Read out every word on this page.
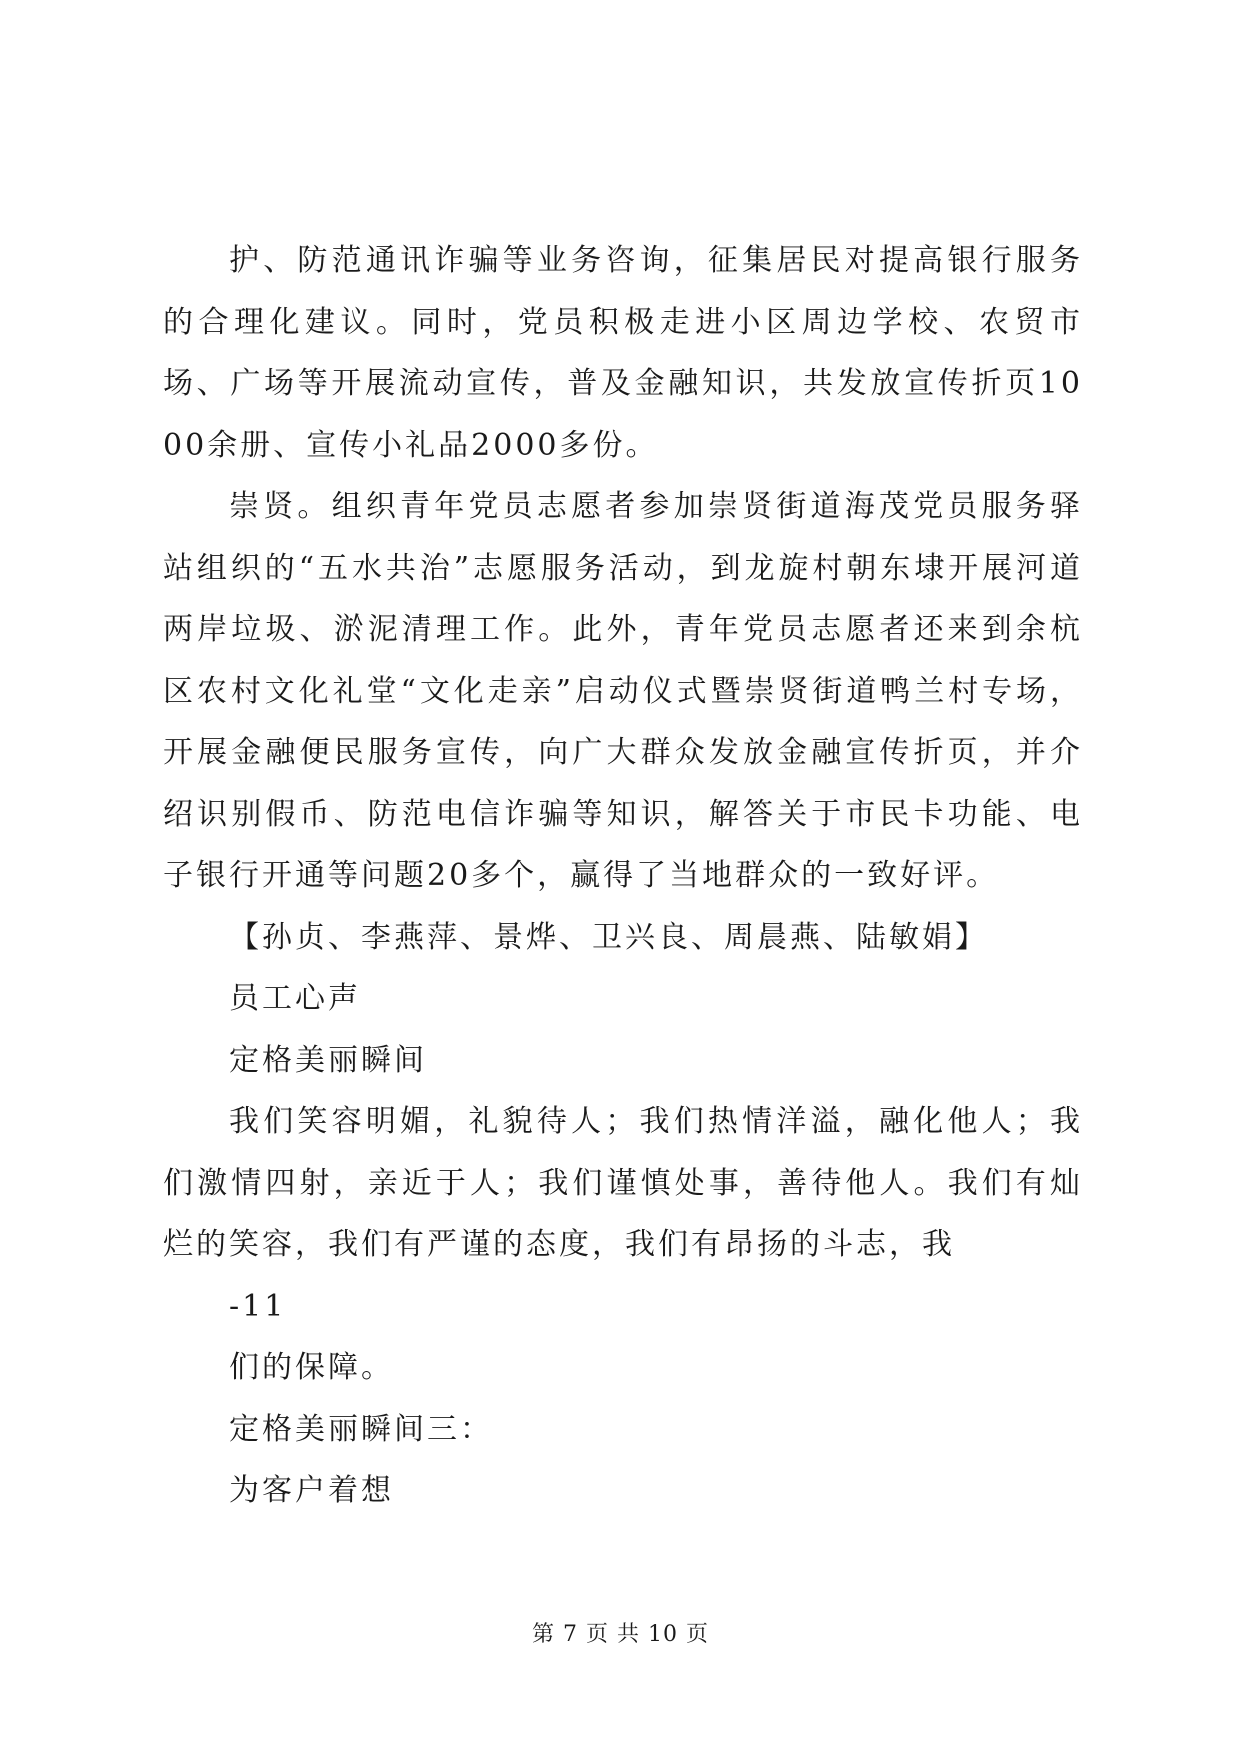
护、防范通讯诈骗等业务咨询，征集居民对提高银行服务的合理化建议。同时，党员积极走进小区周边学校、农贸市场、广场等开展流动宣传，普及金融知识，共发放宣传折页1000余册、宣传小礼品2000多份。

崇贤。组织青年党员志愿者参加崇贤街道海茂党员服务驿站组织的“五水共治”志愿服务活动，到龙旋村朝东埭开展河道两岸垃圾、淤泥清理工作。此外，青年党员志愿者还来到余杭区农村文化礼堂“文化走亲”启动仪式暨崇贤街道鸭兰村专场，开展金融便民服务宣传，向广大群众发放金融宣传折页，并介绍识别假币、防范电信诈骗等知识，解答关于市民卡功能、电子银行开通等问题20多个，赢得了当地群众的一致好评。

【孙贞、李燕萍、景烨、卫兴良、周晨燕、陆敏娟】

员工心声

定格美丽瞬间

我们笑容明媚，礼貌待人；我们热情洋溢，融化他人；我们激情四射，亲近于人；我们谨慎处事，善待他人。我们有灿烂的笑容，我们有严谨的态度，我们有昂扬的斗志，我

-11

们的保障。

定格美丽瞬间三：

为客户着想

第 7 页 共 10 页
